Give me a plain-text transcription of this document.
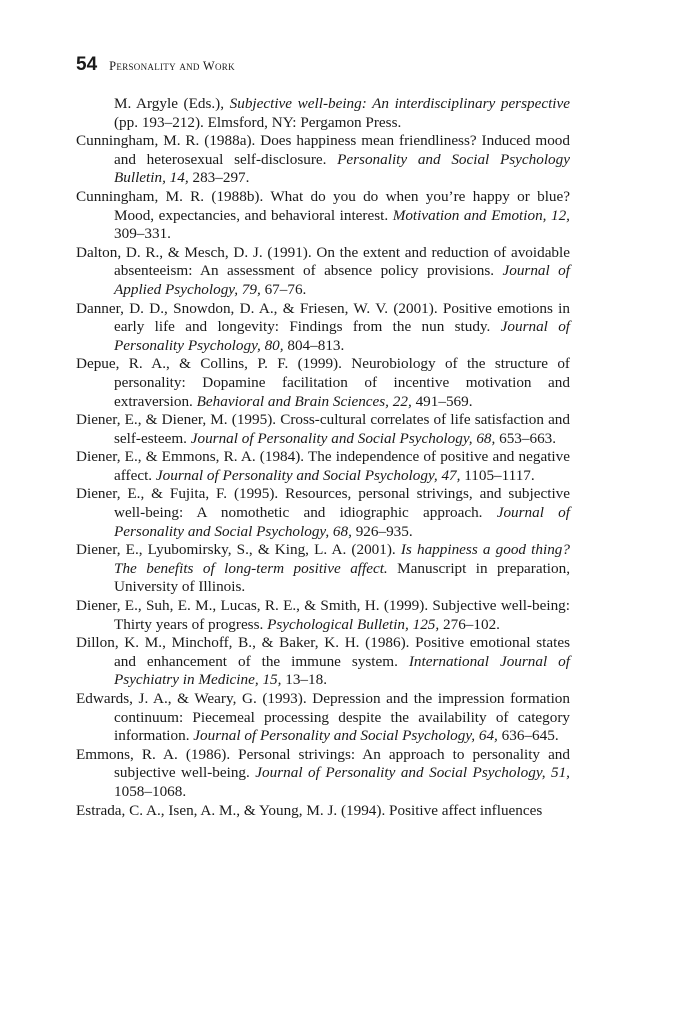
54 Personality and Work

M. Argyle (Eds.), Subjective well-being: An interdisciplinary perspective (pp. 193–212). Elmsford, NY: Pergamon Press.

Cunningham, M. R. (1988a). Does happiness mean friendliness? Induced mood and heterosexual self-disclosure. Personality and Social Psychology Bulletin, 14, 283–297.

Cunningham, M. R. (1988b). What do you do when you’re happy or blue? Mood, expectancies, and behavioral interest. Motivation and Emotion, 12, 309–331.

Dalton, D. R., & Mesch, D. J. (1991). On the extent and reduction of avoidable absenteeism: An assessment of absence policy provisions. Journal of Applied Psychology, 79, 67–76.

Danner, D. D., Snowdon, D. A., & Friesen, W. V. (2001). Positive emotions in early life and longevity: Findings from the nun study. Journal of Personality Psychology, 80, 804–813.

Depue, R. A., & Collins, P. F. (1999). Neurobiology of the structure of personality: Dopamine facilitation of incentive motivation and extraversion. Behavioral and Brain Sciences, 22, 491–569.

Diener, E., & Diener, M. (1995). Cross-cultural correlates of life satisfaction and self-esteem. Journal of Personality and Social Psychology, 68, 653–663.

Diener, E., & Emmons, R. A. (1984). The independence of positive and negative affect. Journal of Personality and Social Psychology, 47, 1105–1117.

Diener, E., & Fujita, F. (1995). Resources, personal strivings, and subjective well-being: A nomothetic and idiographic approach. Journal of Personality and Social Psychology, 68, 926–935.

Diener, E., Lyubomirsky, S., & King, L. A. (2001). Is happiness a good thing? The benefits of long-term positive affect. Manuscript in preparation, University of Illinois.

Diener, E., Suh, E. M., Lucas, R. E., & Smith, H. (1999). Subjective well-being: Thirty years of progress. Psychological Bulletin, 125, 276–102.

Dillon, K. M., Minchoff, B., & Baker, K. H. (1986). Positive emotional states and enhancement of the immune system. International Journal of Psychiatry in Medicine, 15, 13–18.

Edwards, J. A., & Weary, G. (1993). Depression and the impression formation continuum: Piecemeal processing despite the availability of category information. Journal of Personality and Social Psychology, 64, 636–645.

Emmons, R. A. (1986). Personal strivings: An approach to personality and subjective well-being. Journal of Personality and Social Psychology, 51, 1058–1068.

Estrada, C. A., Isen, A. M., & Young, M. J. (1994). Positive affect influences
